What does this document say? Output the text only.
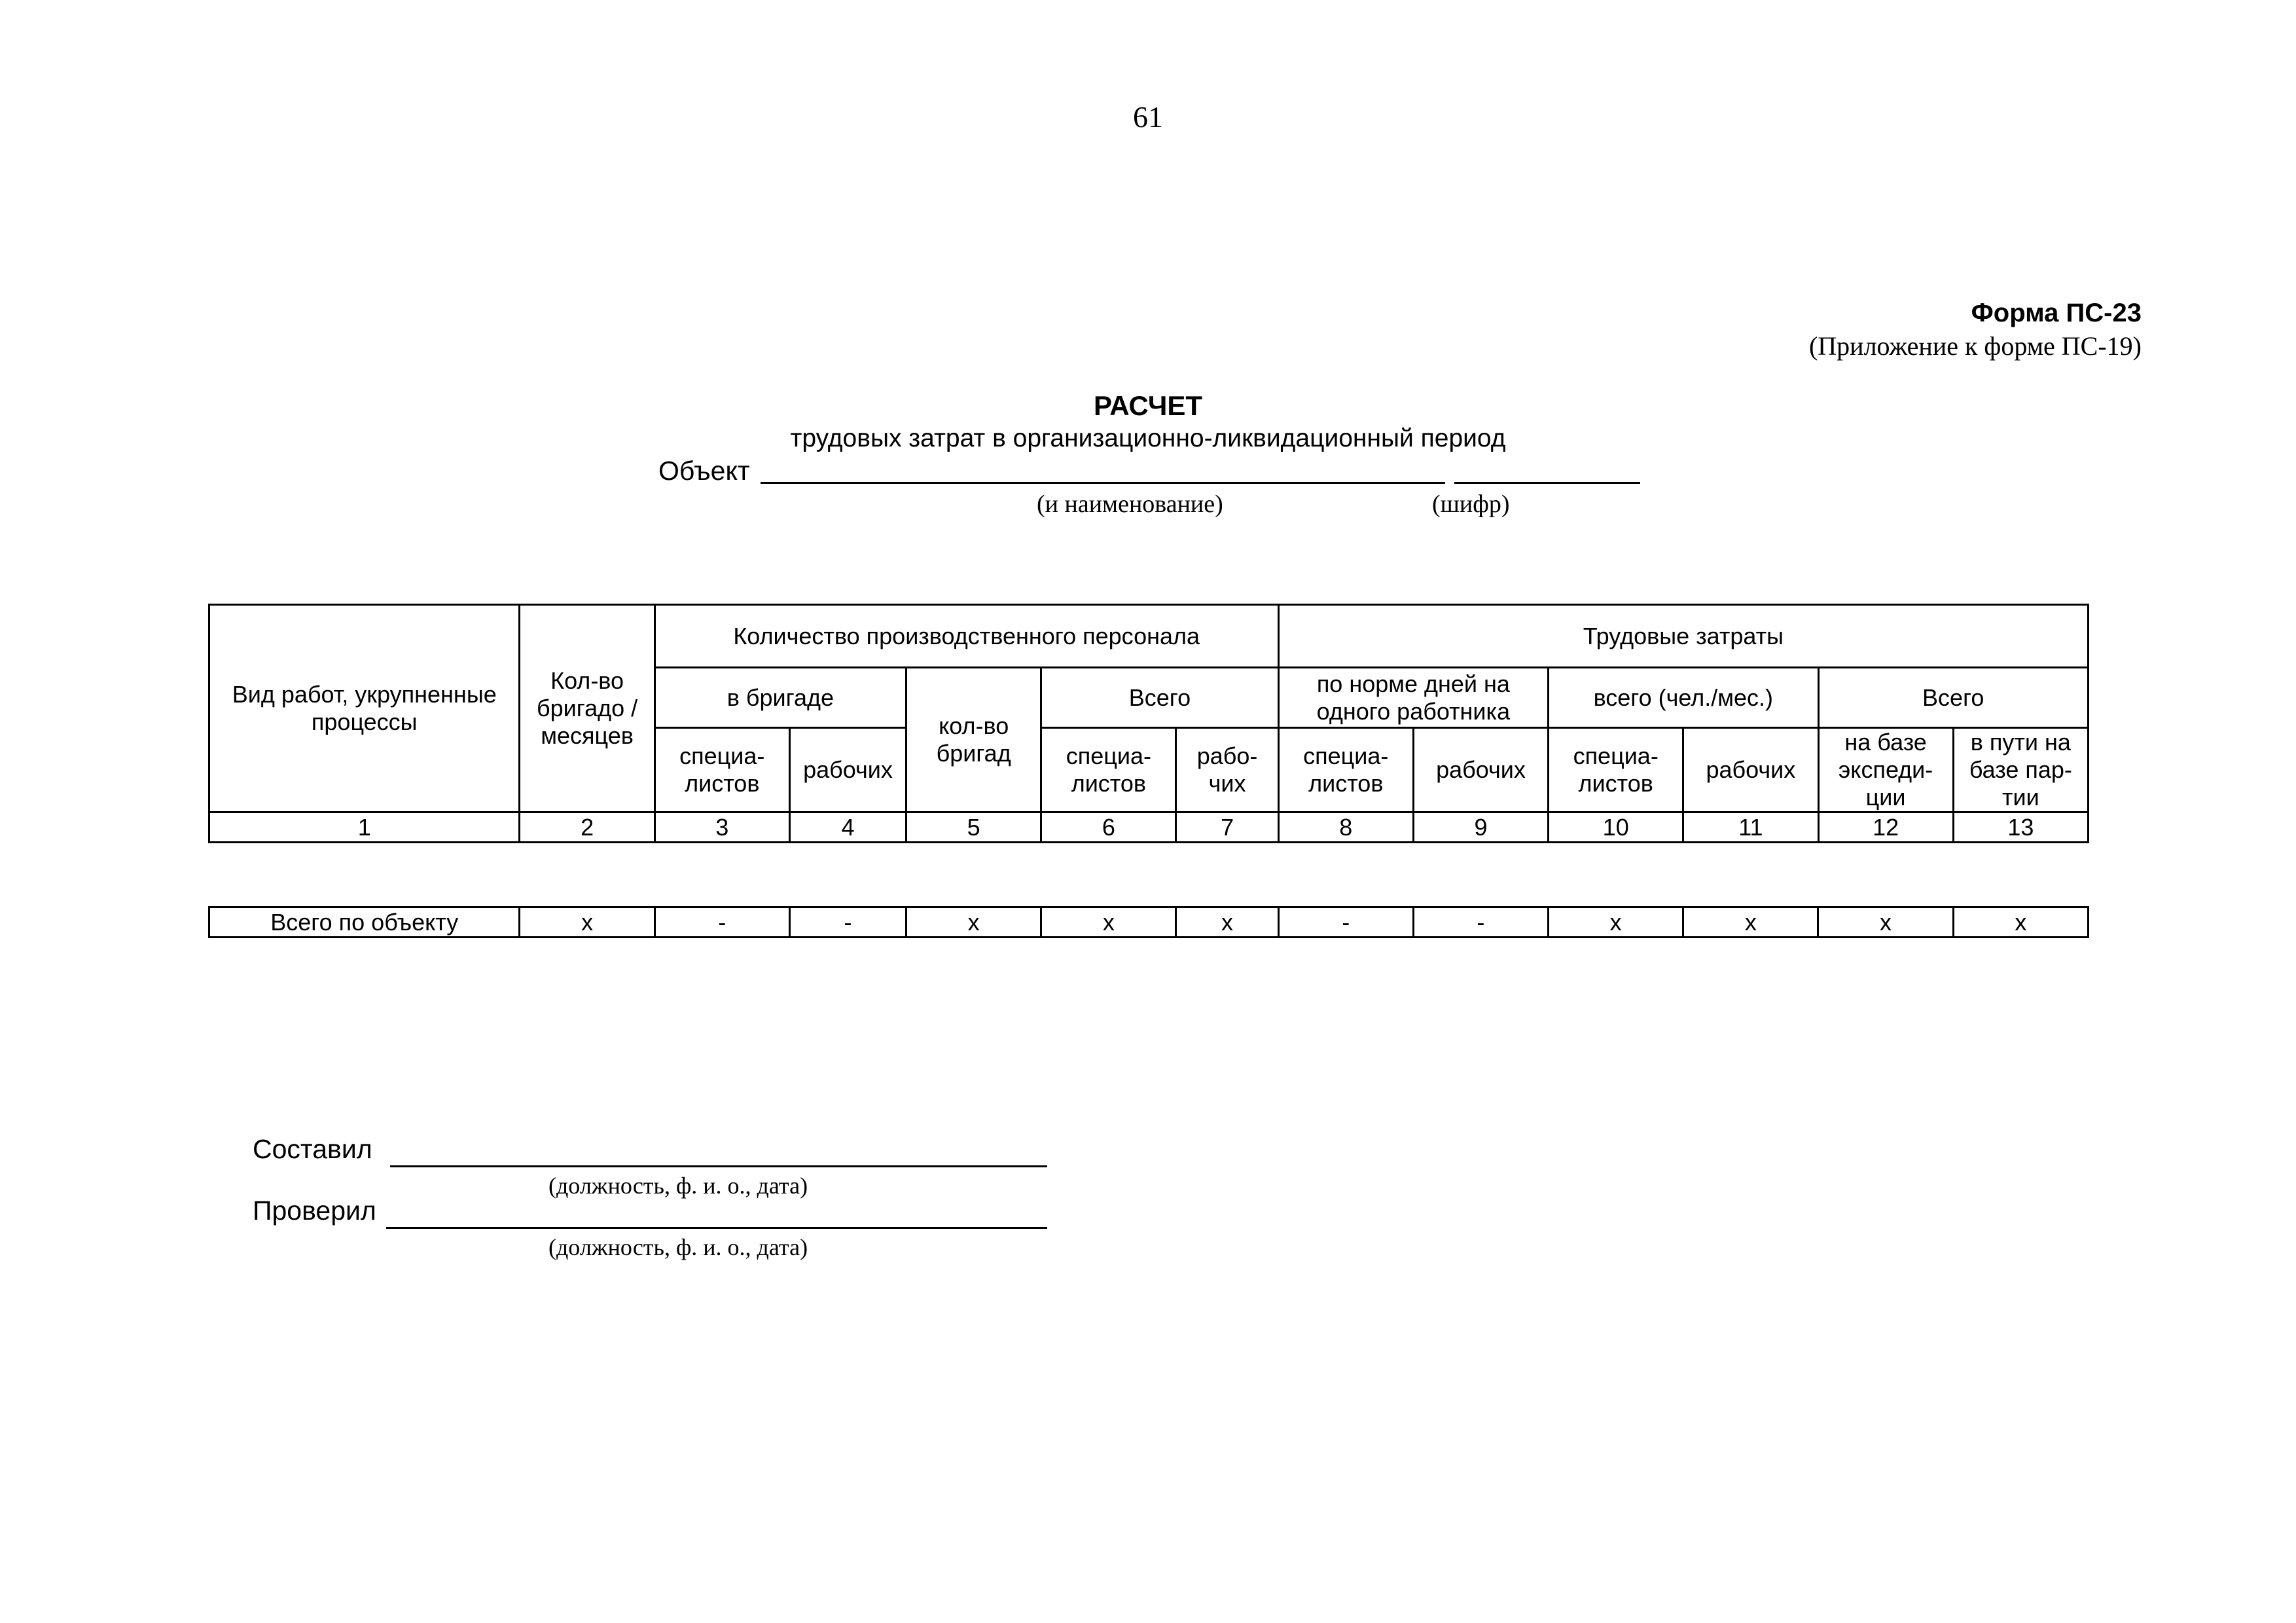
61
Форма ПС-23
(Приложение к форме ПС-19)
РАСЧЕТ
трудовых затрат в организационно-ликвидационный период
Объект
(и наименование)	(шифр)
Вид работ, укрупненные процессы	Кол-во бригадо / месяцев	Количество производственного персонала					Трудовые затраты					
		в бригаде		кол-во бригад	Всего		по норме дней на одного работника		всего (чел./мес.)		Всего	
		специа-листов	рабочих		специа-листов	рабо-чих	специа-листов	рабочих	специа-листов	рабочих	на базе экспеди-ции	в пути на базе пар-тии
1	2	3	4	5	6	7	8	9	10	11	12	13
Всего по объекту	х	-	-	х	х	х	-	-	х	х	х	х
Составил
(должность, ф. и. о., дата)
Проверил
(должность, ф. и. о., дата)
